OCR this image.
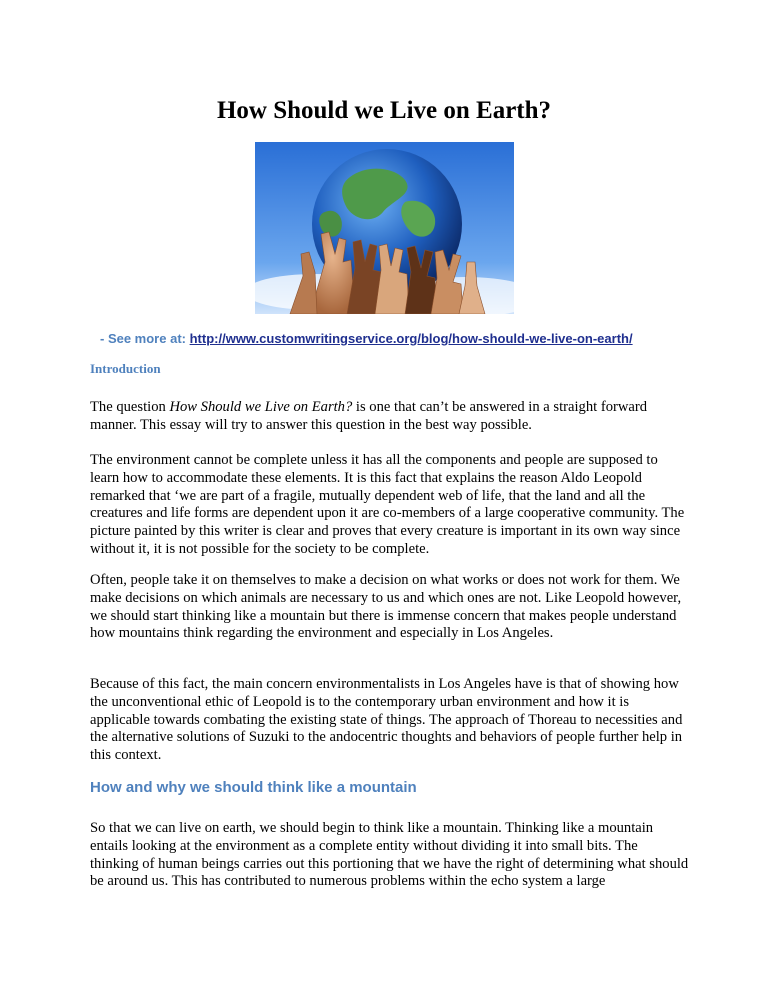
How Should we Live on Earth?
- See more at: http://www.customwritingservice.org/blog/how-should-we-live-on-earth/
Introduction

The question How Should we Live on Earth? is one that can’t be answered in a straight forward manner. This essay will try to answer this question in the best way possible.

The environment cannot be complete unless it has all the components and people are supposed to learn how to accommodate these elements. It is this fact that explains the reason Aldo Leopold remarked that ‘we are part of a fragile, mutually dependent web of life, that the land and all the creatures and life forms are dependent upon it are co-members of a large cooperative community. The picture painted by this writer is clear and proves that every creature is important in its own way since without it, it is not possible for the society to be complete.

Often, people take it on themselves to make a decision on what works or does not work for them. We make decisions on which animals are necessary to us and which ones are not. Like Leopold however, we should start thinking like a mountain but there is immense concern that makes people understand how mountains think regarding the environment and especially in Los Angeles.

Because of this fact, the main concern environmentalists in Los Angeles have is that of showing how the unconventional ethic of Leopold is to the contemporary urban environment and how it is applicable towards combating the existing state of things. The approach of Thoreau to necessities and the alternative solutions of Suzuki to the andocentric thoughts and behaviors of people further help in this context.

How and why we should think like a mountain

So that we can live on earth, we should begin to think like a mountain. Thinking like a mountain entails looking at the environment as a complete entity without dividing it into small bits. The thinking of human beings carries out this portioning that we have the right of determining what should be around us. This has contributed to numerous problems within the echo system a large
